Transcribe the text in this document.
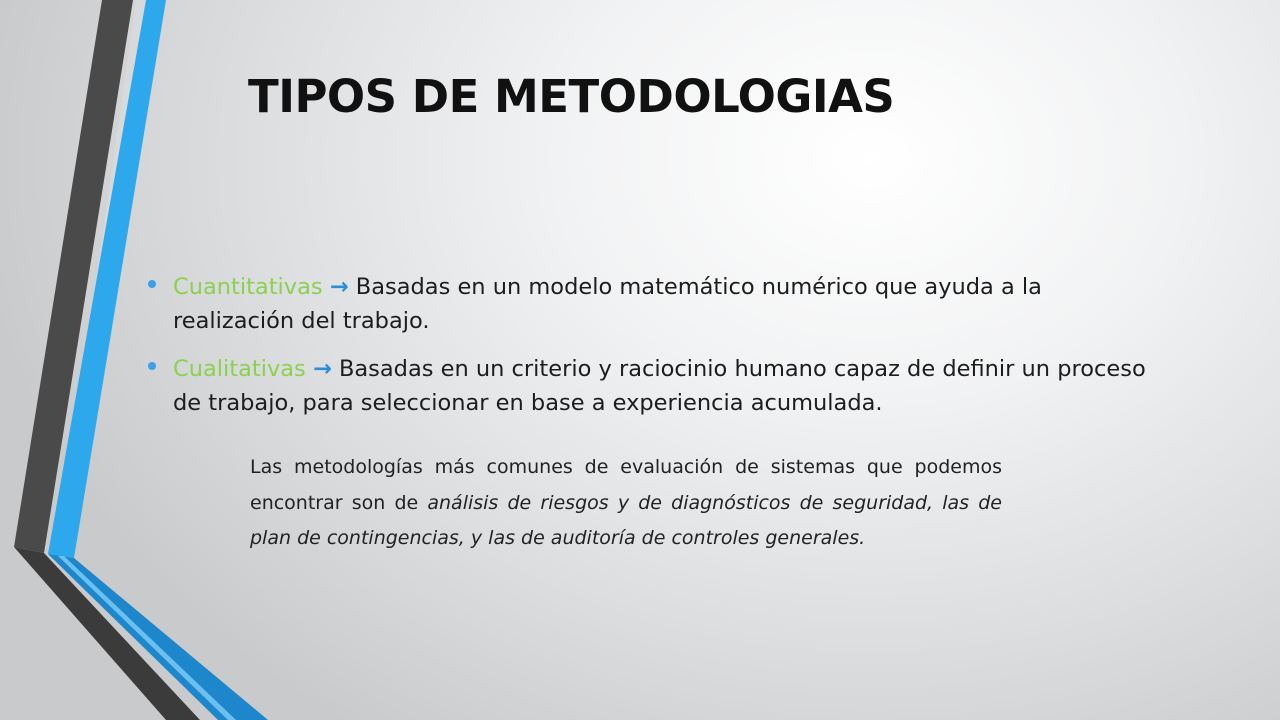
TIPOS DE METODOLOGIAS
Cuantitativas → Basadas en un modelo matemático numérico que ayuda a la realización del trabajo.
Cualitativas → Basadas en un criterio y raciocinio humano capaz de definir un proceso de trabajo, para seleccionar en base a experiencia acumulada.

Las metodologías más comunes de evaluación de sistemas que podemos encontrar son de análisis de riesgos y de diagnósticos de seguridad, las de plan de contingencias, y las de auditoría de controles generales.
